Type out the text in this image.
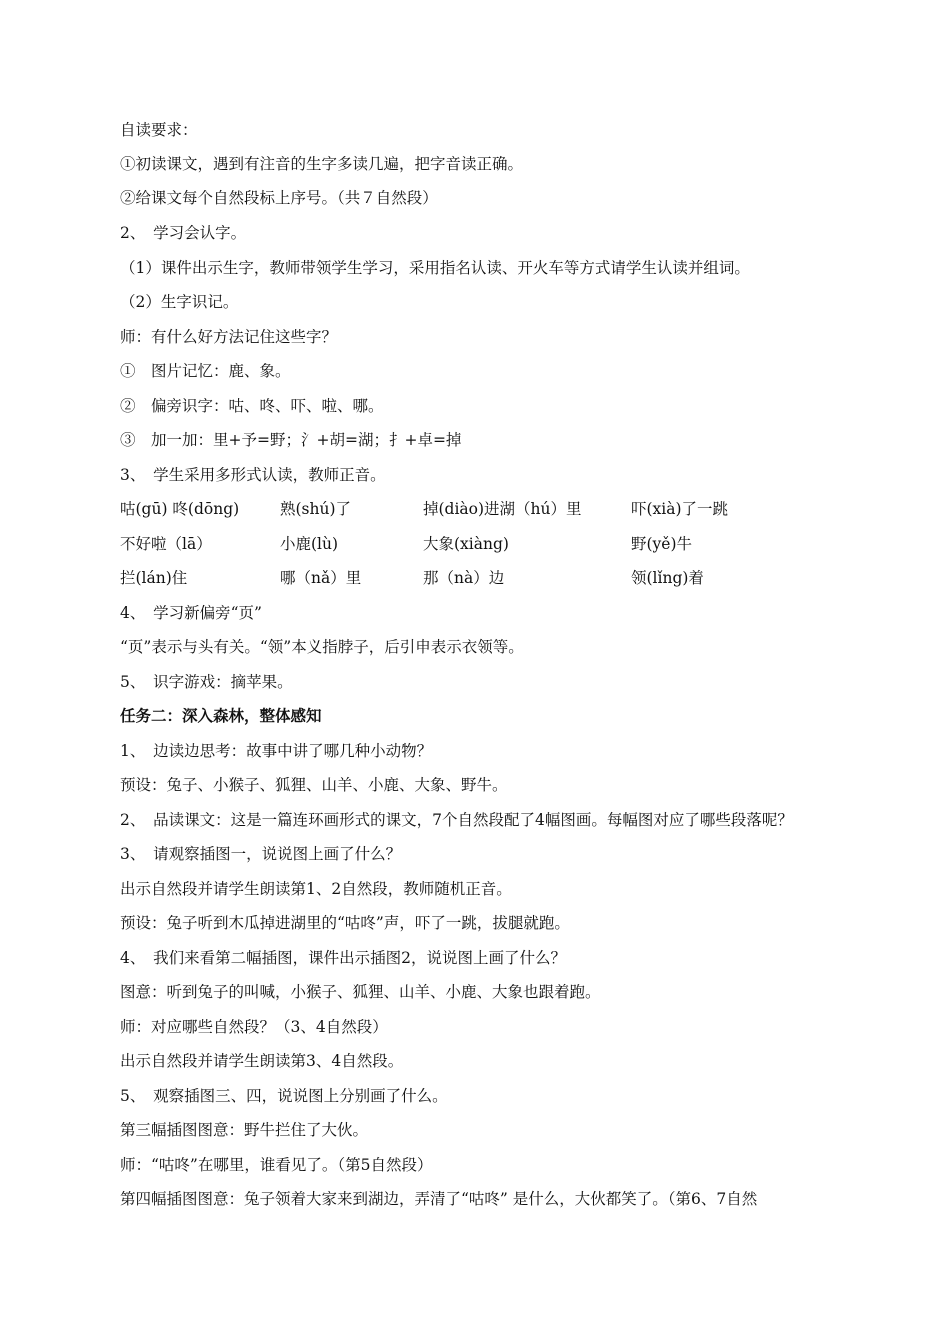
自读要求：
①初读课文，遇到有注音的生字多读几遍，把字音读正确。
②给课文每个自然段标上序号。（共７自然段）
2、　学习会认字。
（1）课件出示生字，教师带领学生学习，采用指名认读、开火车等方式请学生认读并组词。
（2）生字识记。
师：有什么好方法记住这些字？
①　图片记忆：鹿、象。
②　偏旁识字：咕、咚、吓、啦、哪。
③　加一加：里+予=野；氵+胡=湖；扌+卓=掉
3、　学生采用多形式认读，教师正音。
咕(gū) 咚(dōng)	熟(shú)了	掉(diào)进湖（hú）里	吓(xià)了一跳
不好啦（lā）	小鹿(lù)	大象(xiàng)	野(yě)牛
拦(lán)住	哪（nǎ）里	那（nà）边	领(lǐng)着
4、　学习新偏旁“页”
“页”表示与头有关。“领”本义指脖子，后引申表示衣领等。
5、　识字游戏：摘苹果。
任务二：深入森林，整体感知
1、　边读边思考：故事中讲了哪几种小动物？
预设：兔子、小猴子、狐狸、山羊、小鹿、大象、野牛。
2、　品读课文：这是一篇连环画形式的课文，7个自然段配了4幅图画。每幅图对应了哪些段落呢？
3、　请观察插图一，说说图上画了什么？
出示自然段并请学生朗读第1、2自然段，教师随机正音。
预设：兔子听到木瓜掉进湖里的“咕咚”声，吓了一跳，拔腿就跑。
4、　我们来看第二幅插图，课件出示插图2，说说图上画了什么？
图意：听到兔子的叫喊，小猴子、狐狸、山羊、小鹿、大象也跟着跑。
师：对应哪些自然段？（3、4自然段）
出示自然段并请学生朗读第3、4自然段。
5、　观察插图三、四，说说图上分别画了什么。
第三幅插图图意：野牛拦住了大伙。
师：“咕咚”在哪里，谁看见了。（第5自然段）
第四幅插图图意：兔子领着大家来到湖边，弄清了“咕咚” 是什么，大伙都笑了。（第6、7自然
